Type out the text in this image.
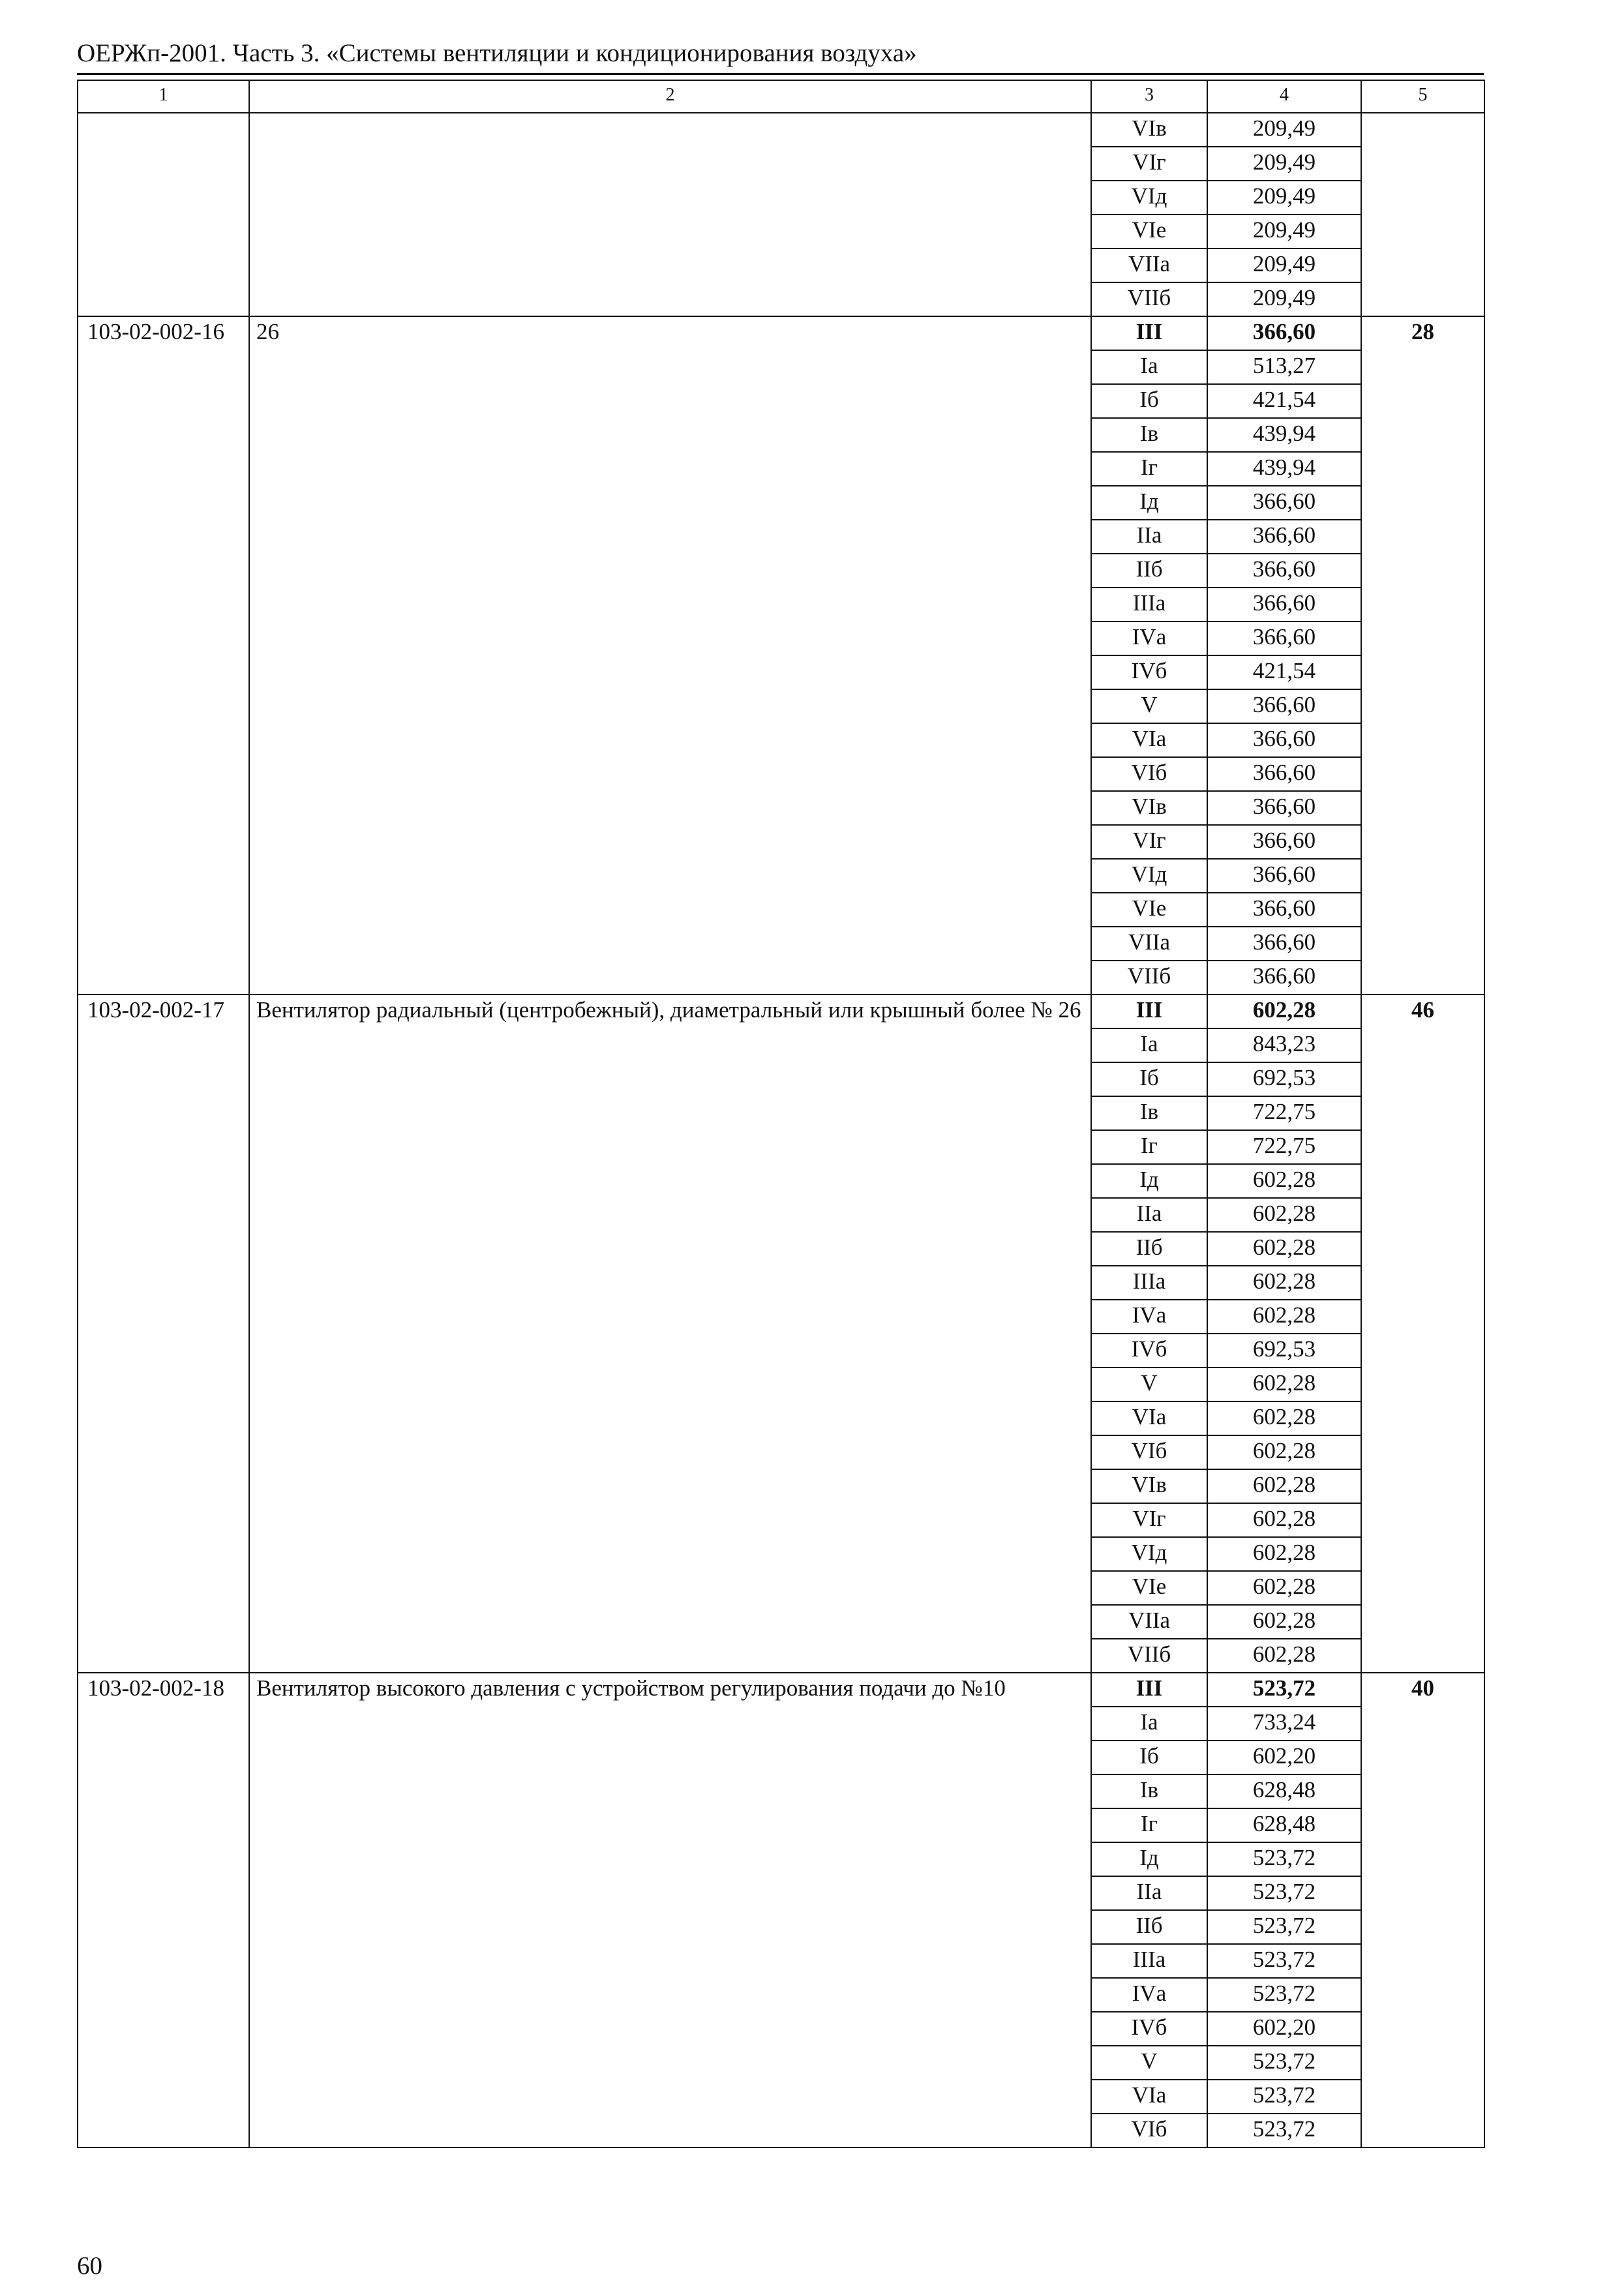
ОЕРЖп-2001. Часть 3. «Системы вентиляции и кондиционирования воздуха»
1	2	3	4	5
		VIв	209,49	
		VIг	209,49	
		VIд	209,49	
		VIе	209,49	
		VIIа	209,49	
		VIIб	209,49	
103-02-002-16	26	III	366,60	28
		Iа	513,27	
		Iб	421,54	
		Iв	439,94	
		Iг	439,94	
		Iд	366,60	
		IIа	366,60	
		IIб	366,60	
		IIIа	366,60	
		IVа	366,60	
		IVб	421,54	
		V	366,60	
		VIа	366,60	
		VIб	366,60	
		VIв	366,60	
		VIг	366,60	
		VIд	366,60	
		VIе	366,60	
		VIIа	366,60	
		VIIб	366,60	
103-02-002-17	Вентилятор радиальный (центробежный), диаметральный или крышный более № 26	III	602,28	46
		Iа	843,23	
		Iб	692,53	
		Iв	722,75	
		Iг	722,75	
		Iд	602,28	
		IIа	602,28	
		IIб	602,28	
		IIIа	602,28	
		IVа	602,28	
		IVб	692,53	
		V	602,28	
		VIа	602,28	
		VIб	602,28	
		VIв	602,28	
		VIг	602,28	
		VIд	602,28	
		VIе	602,28	
		VIIа	602,28	
		VIIб	602,28	
103-02-002-18	Вентилятор высокого давления с устройством регулирования подачи до №10	III	523,72	40
		Iа	733,24	
		Iб	602,20	
		Iв	628,48	
		Iг	628,48	
		Iд	523,72	
		IIа	523,72	
		IIб	523,72	
		IIIа	523,72	
		IVа	523,72	
		IVб	602,20	
		V	523,72	
		VIа	523,72	
		VIб	523,72	
60
